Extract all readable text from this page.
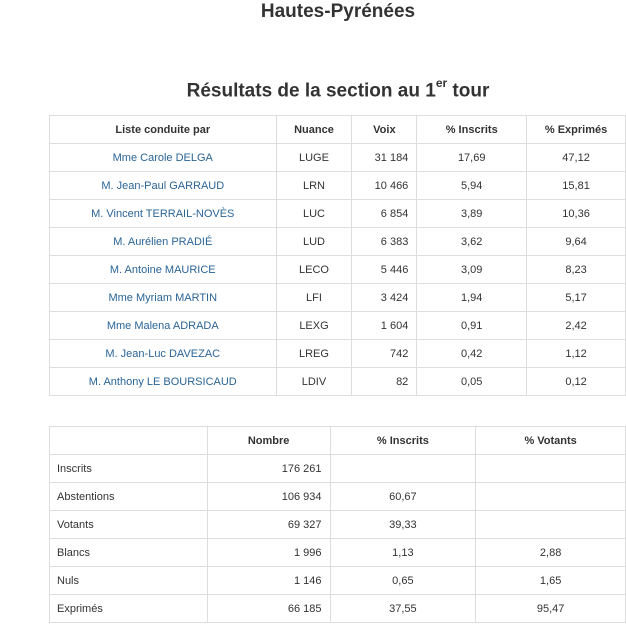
Hautes-Pyrénées
Résultats de la section au 1er tour
Liste conduite par	Nuance	Voix	% Inscrits	% Exprimés
Mme Carole DELGA	LUGE	31 184	17,69	47,12
M. Jean-Paul GARRAUD	LRN	10 466	5,94	15,81
M. Vincent TERRAIL-NOVÈS	LUC	6 854	3,89	10,36
M. Aurélien PRADIÉ	LUD	6 383	3,62	9,64
M. Antoine MAURICE	LECO	5 446	3,09	8,23
Mme Myriam MARTIN	LFI	3 424	1,94	5,17
Mme Malena ADRADA	LEXG	1 604	0,91	2,42
M. Jean-Luc DAVEZAC	LREG	742	0,42	1,12
M. Anthony LE BOURSICAUD	LDIV	82	0,05	0,12
	Nombre	% Inscrits	% Votants
Inscrits	176 261		
Abstentions	106 934	60,67	
Votants	69 327	39,33	
Blancs	1 996	1,13	2,88
Nuls	1 146	0,65	1,65
Exprimés	66 185	37,55	95,47
